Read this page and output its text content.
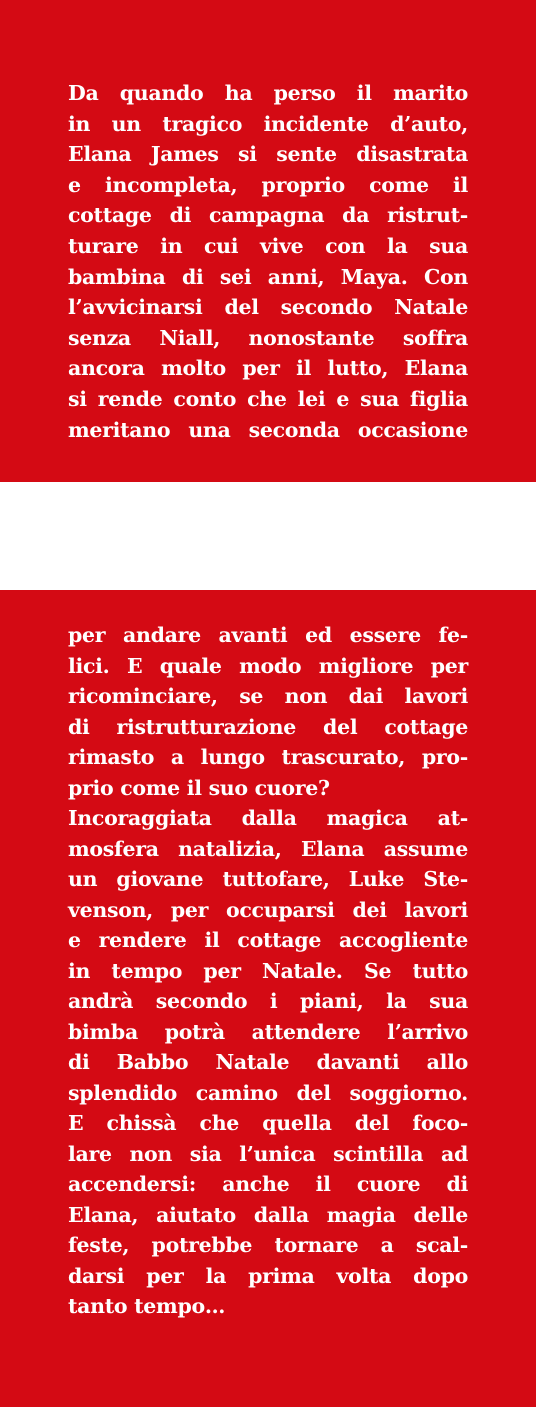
Da quando ha perso il marito
in un tragico incidente d’auto,
Elana James si sente disastrata
e incompleta, proprio come il
cottage di campagna da ristrut-
turare in cui vive con la sua
bambina di sei anni, Maya. Con
l’avvicinarsi del secondo Natale
senza Niall, nonostante soffra
ancora molto per il lutto, Elana
si rende conto che lei e sua figlia
meritano una seconda occasione
per andare avanti ed essere fe-
lici. E quale modo migliore per
ricominciare, se non dai lavori
di ristrutturazione del cottage
rimasto a lungo trascurato, pro-
prio come il suo cuore?
Incoraggiata dalla magica at-
mosfera natalizia, Elana assume
un giovane tuttofare, Luke Ste-
venson, per occuparsi dei lavori
e rendere il cottage accogliente
in tempo per Natale. Se tutto
andrà secondo i piani, la sua
bimba potrà attendere l’arrivo
di Babbo Natale davanti allo
splendido camino del soggiorno.
E chissà che quella del foco-
lare non sia l’unica scintilla ad
accendersi: anche il cuore di
Elana, aiutato dalla magia delle
feste, potrebbe tornare a scal-
darsi per la prima volta dopo
tanto tempo…
